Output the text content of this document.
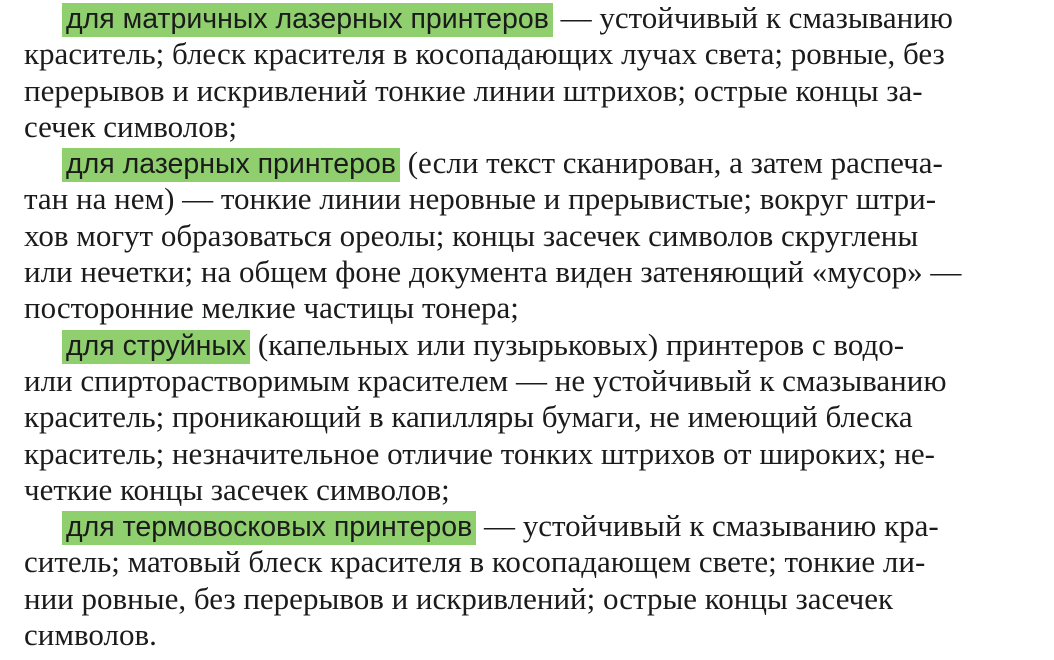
для матричных лазерных принтеров — устойчивый к смазыванию
краситель; блеск красителя в косопадающих лучах света; ровные, без
перерывов и искривлений тонкие линии штрихов; острые концы за-
сечек символов;
для лазерных принтеров (если текст сканирован, а затем распеча-
тан на нем) — тонкие линии неровные и прерывистые; вокруг штри-
хов могут образоваться ореолы; концы засечек символов скруглены
или нечетки; на общем фоне документа виден затеняющий «мусор» —
посторонние мелкие частицы тонера;
для струйных (капельных или пузырьковых) принтеров с водо-
или спирторастворимым красителем — не устойчивый к смазыванию
краситель; проникающий в капилляры бумаги, не имеющий блеска
краситель; незначительное отличие тонких штрихов от широких; не-
четкие концы засечек символов;
для термовосковых принтеров — устойчивый к смазыванию кра-
ситель; матовый блеск красителя в косопадающем свете; тонкие ли-
нии ровные, без перерывов и искривлений; острые концы засечек
символов.
